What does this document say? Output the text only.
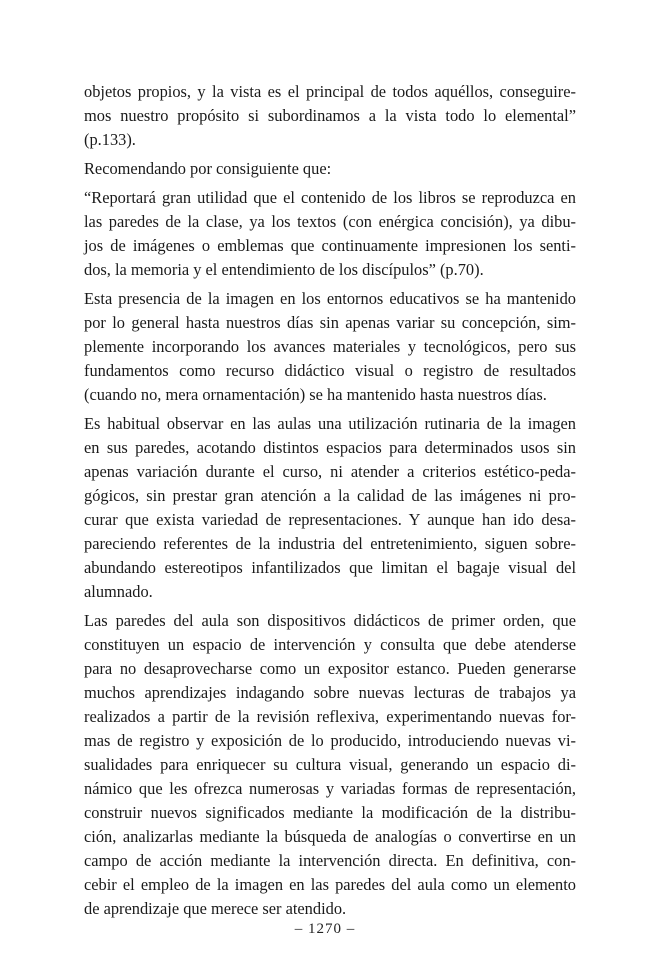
objetos propios, y la vista es el principal de todos aquéllos, conseguire-
mos nuestro propósito si subordinamos a la vista todo lo elemental”
(p.133).
Recomendando por consiguiente que:
“Reportará gran utilidad que el contenido de los libros se reproduzca en
las paredes de la clase, ya los textos (con enérgica concisión), ya dibu-
jos de imágenes o emblemas que continuamente impresionen los senti-
dos, la memoria y el entendimiento de los discípulos” (p.70).
Esta presencia de la imagen en los entornos educativos se ha mantenido
por lo general hasta nuestros días sin apenas variar su concepción, sim-
plemente incorporando los avances materiales y tecnológicos, pero sus
fundamentos como recurso didáctico visual o registro de resultados
(cuando no, mera ornamentación) se ha mantenido hasta nuestros días.
Es habitual observar en las aulas una utilización rutinaria de la imagen
en sus paredes, acotando distintos espacios para determinados usos sin
apenas variación durante el curso, ni atender a criterios estético-peda-
gógicos, sin prestar gran atención a la calidad de las imágenes ni pro-
curar que exista variedad de representaciones. Y aunque han ido desa-
pareciendo referentes de la industria del entretenimiento, siguen sobre-
abundando estereotipos infantilizados que limitan el bagaje visual del
alumnado.
Las paredes del aula son dispositivos didácticos de primer orden, que
constituyen un espacio de intervención y consulta que debe atenderse
para no desaprovecharse como un expositor estanco. Pueden generarse
muchos aprendizajes indagando sobre nuevas lecturas de trabajos ya
realizados a partir de la revisión reflexiva, experimentando nuevas for-
mas de registro y exposición de lo producido, introduciendo nuevas vi-
sualidades para enriquecer su cultura visual, generando un espacio di-
námico que les ofrezca numerosas y variadas formas de representación,
construir nuevos significados mediante la modificación de la distribu-
ción, analizarlas mediante la búsqueda de analogías o convertirse en un
campo de acción mediante la intervención directa. En definitiva, con-
cebir el empleo de la imagen en las paredes del aula como un elemento
de aprendizaje que merece ser atendido.
– 1270 –
